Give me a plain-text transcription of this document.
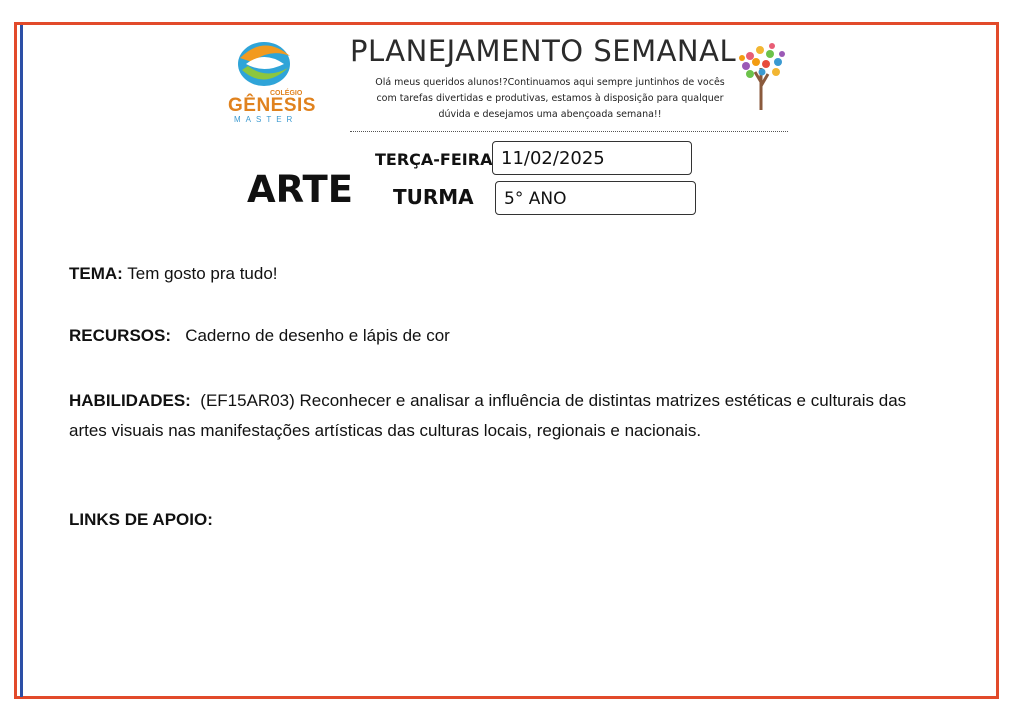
COLÉGIO
GÊNESIS
MASTER
PLANEJAMENTO SEMANAL
Olá meus queridos alunos!?Continuamos aqui sempre juntinhos de vocês com tarefas divertidas e produtivas, estamos à disposição para qualquer dúvida e desejamos uma abençoada semana!!
ARTE
TERÇA-FEIRA 11/02/2025
TURMA	5° ANO
TEMA: Tem gosto pra tudo!
RECURSOS: Caderno de desenho e lápis de cor
HABILIDADES: (EF15AR03) Reconhecer e analisar a influência de distintas matrizes estéticas e culturais das artes visuais nas manifestações artísticas das culturas locais, regionais e nacionais.
LINKS DE APOIO:
